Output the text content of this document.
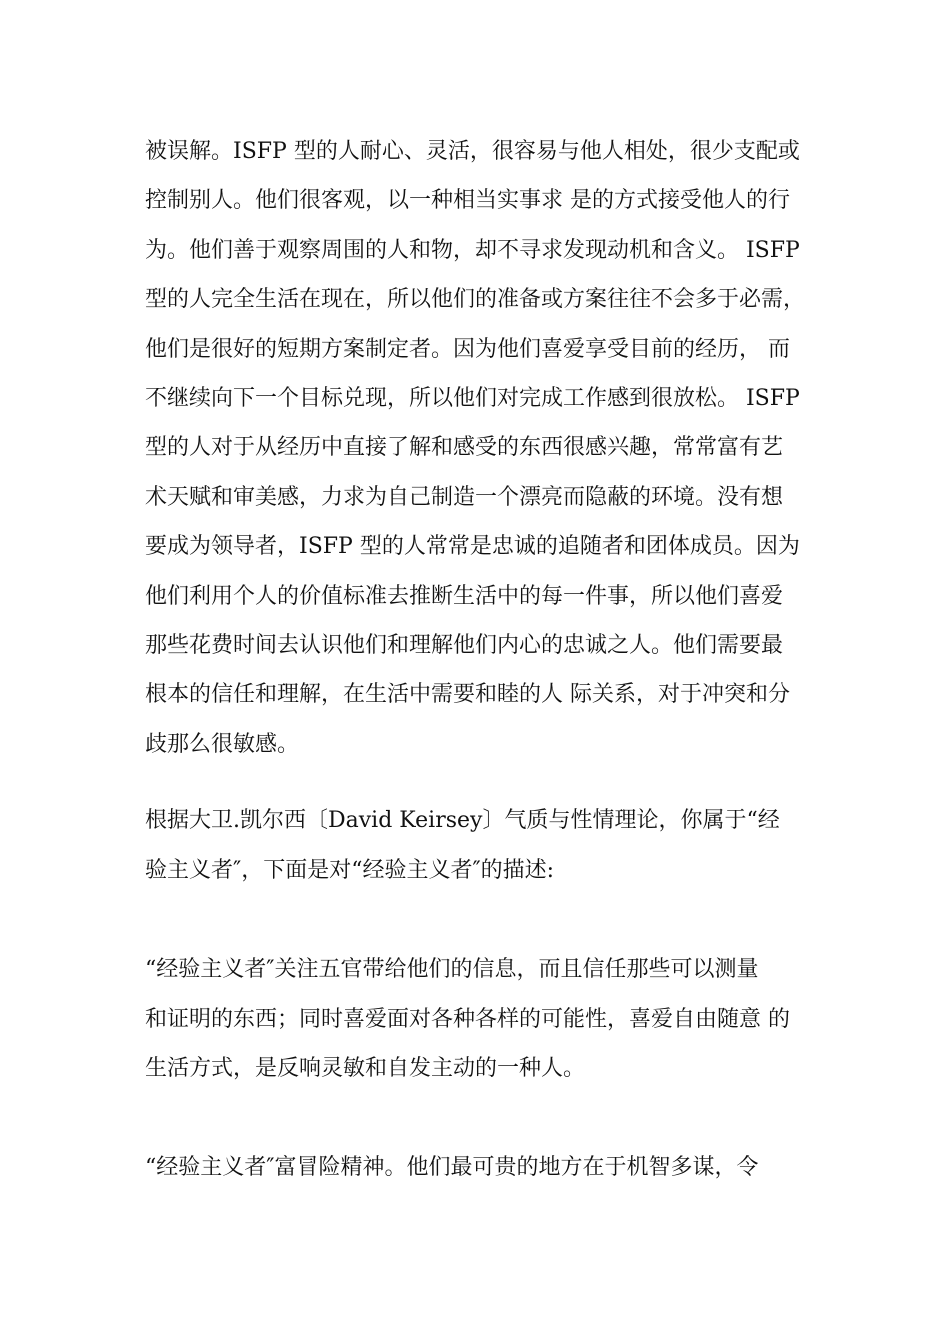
被误解。ISFP 型的人耐心、灵活，很容易与他人相处，很少支配或
控制别人。他们很客观，以一种相当实事求 是的方式接受他人的行
为。他们善于观察周围的人和物，却不寻求发现动机和含义。 ISFP
型的人完全生活在现在，所以他们的准备或方案往往不会多于必需，
他们是很好的短期方案制定者。因为他们喜爱享受目前的经历， 而
不继续向下一个目标兑现，所以他们对完成工作感到很放松。 ISFP
型的人对于从经历中直接了解和感受的东西很感兴趣，常常富有艺
术天赋和审美感，力求为自己制造一个漂亮而隐蔽的环境。没有想
要成为领导者，ISFP 型的人常常是忠诚的追随者和团体成员。因为
他们利用个人的价值标准去推断生活中的每一件事，所以他们喜爱
那些花费时间去认识他们和理解他们内心的忠诚之人。他们需要最
根本的信任和理解，在生活中需要和睦的人 际关系，对于冲突和分
歧那么很敏感。
根据大卫.凯尔西〔David Keirsey〕气质与性情理论，你属于“经
验主义者″，下面是对“经验主义者″的描述:
“经验主义者″关注五官带给他们的信息，而且信任那些可以测量
和证明的东西；同时喜爱面对各种各样的可能性，喜爱自由随意 的
生活方式，是反响灵敏和自发主动的一种人。
“经验主义者″富冒险精神。他们最可贵的地方在于机智多谋，令
